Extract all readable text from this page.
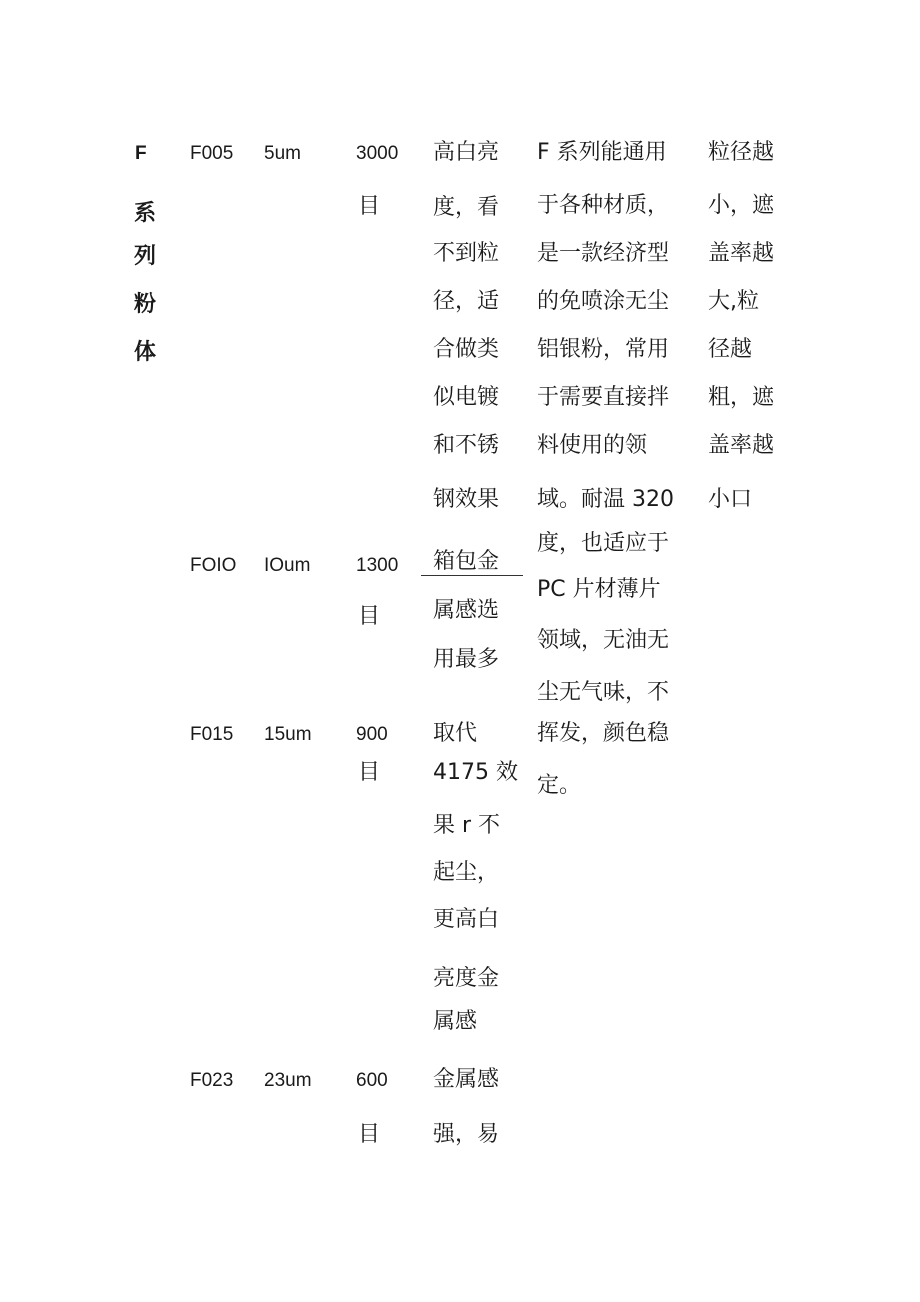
F
系
列
粉
体
F005 5um	3000
目
高白亮
度，看
不到粒
径，适
合做类
似电镀
和不锈
钢效果
FOIO IOum 1300
目
箱包金
属感选
用最多
F015 15um 900
目
取代
4175 效
果 r 不
起尘，
更高白
亮度金
属感
F023 23um 600
目
金属感
强，易
F 系列能通用
于各种材质，
是一款经济型
的免喷涂无尘
铝银粉，常用
于需要直接拌
料使用的领
域。耐温 320
度，也适应于
PC 片材薄片
领域，无油无
尘无气味，不
挥发，颜色稳
定。
粒径越
小，遮
盖率越
大,粒
径越
粗，遮
盖率越
小口
